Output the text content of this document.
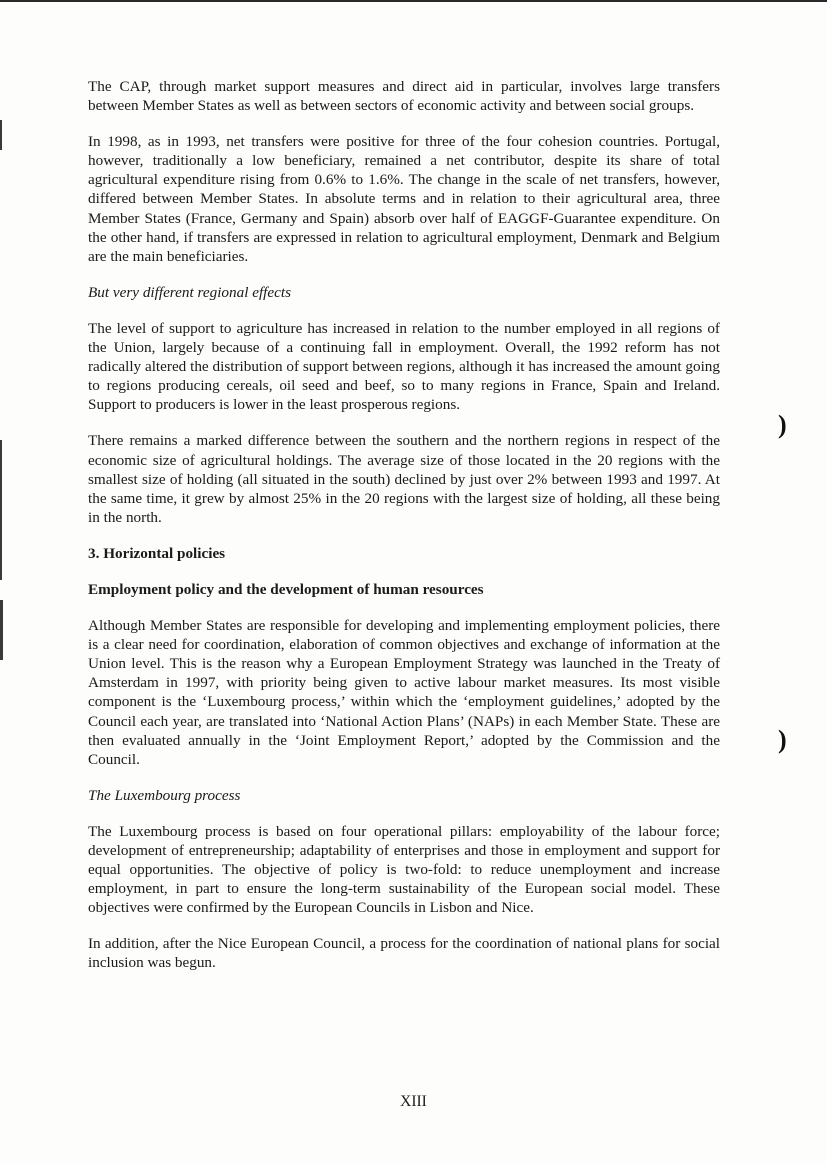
The CAP, through market support measures and direct aid in particular, involves large transfers between Member States as well as between sectors of economic activity and between social groups.

In 1998, as in 1993, net transfers were positive for three of the four cohesion countries. Portugal, however, traditionally a low beneficiary, remained a net contributor, despite its share of total agricultural expenditure rising from 0.6% to 1.6%. The change in the scale of net transfers, however, differed between Member States. In absolute terms and in relation to their agricultural area, three Member States (France, Germany and Spain) absorb over half of EAGGF-Guarantee expenditure. On the other hand, if transfers are expressed in relation to agricultural employment, Denmark and Belgium are the main beneficiaries.

But very different regional effects

The level of support to agriculture has increased in relation to the number employed in all regions of the Union, largely because of a continuing fall in employment. Overall, the 1992 reform has not radically altered the distribution of support between regions, although it has increased the amount going to regions producing cereals, oil seed and beef, so to many regions in France, Spain and Ireland. Support to producers is lower in the least prosperous regions.

There remains a marked difference between the southern and the northern regions in respect of the economic size of agricultural holdings. The average size of those located in the 20 regions with the smallest size of holding (all situated in the south) declined by just over 2% between 1993 and 1997. At the same time, it grew by almost 25% in the 20 regions with the largest size of holding, all these being in the north.

3. Horizontal policies

Employment policy and the development of human resources

Although Member States are responsible for developing and implementing employment policies, there is a clear need for coordination, elaboration of common objectives and exchange of information at the Union level. This is the reason why a European Employment Strategy was launched in the Treaty of Amsterdam in 1997, with priority being given to active labour market measures. Its most visible component is the ‘Luxembourg process,’ within which the ‘employment guidelines,’ adopted by the Council each year, are translated into ‘National Action Plans’ (NAPs) in each Member State. These are then evaluated annually in the ‘Joint Employment Report,’ adopted by the Commission and the Council.

The Luxembourg process

The Luxembourg process is based on four operational pillars: employability of the labour force; development of entrepreneurship; adaptability of enterprises and those in employment and support for equal opportunities. The objective of policy is two-fold: to reduce unemployment and increase employment, in part to ensure the long-term sustainability of the European social model. These objectives were confirmed by the European Councils in Lisbon and Nice.

In addition, after the Nice European Council, a process for the coordination of national plans for social inclusion was begun.

)
)
XIII
